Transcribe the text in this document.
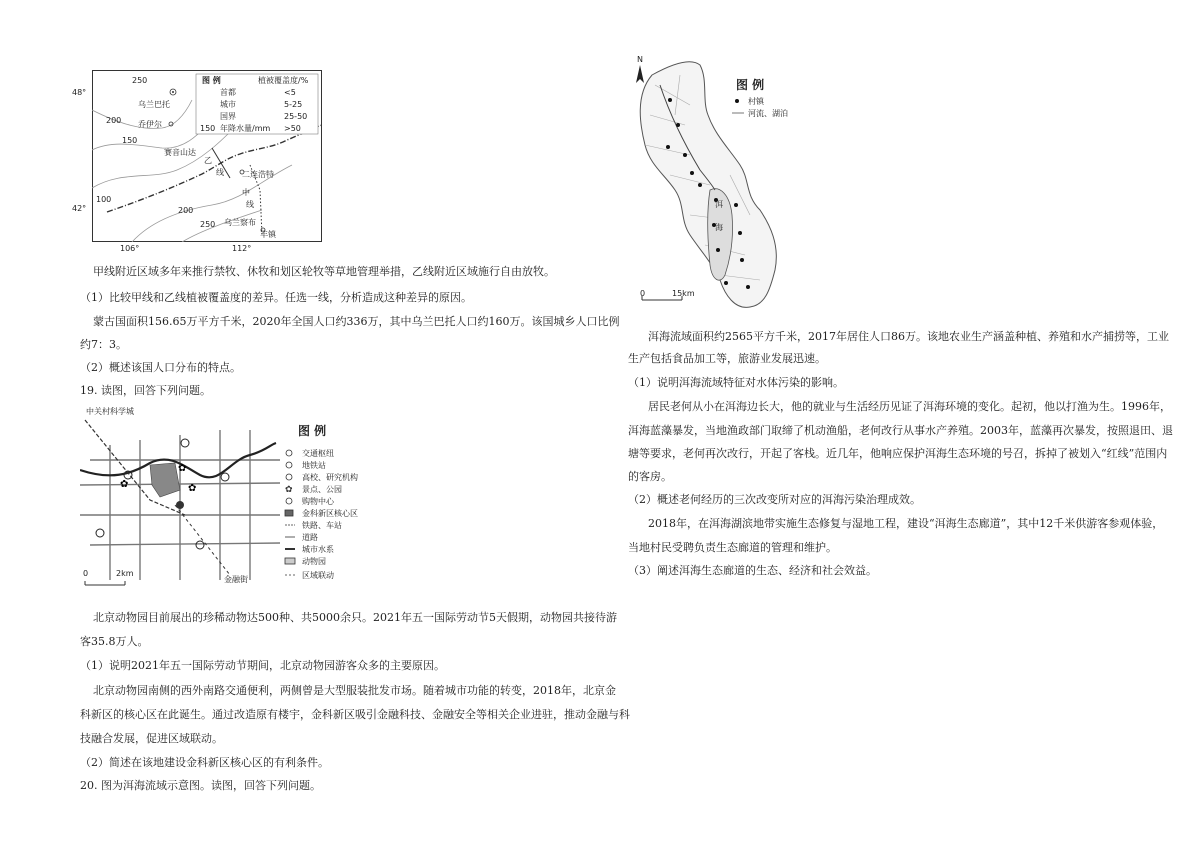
48°
42°
106°	112°
250
200
150
100
200
250
乌兰巴托
乔伊尔
赛音山达
二连浩特
乌兰察布
丰镇
乙
线
中
线
图 例	植被覆盖度/%
首都
城市
国界
150 年降水量/mm
<5
5-25
25-50
>50
甲线附近区域多年来推行禁牧、休牧和划区轮牧等草地管理举措，乙线附近区域施行自由放牧。
（1）比较甲线和乙线植被覆盖度的差异。任选一线，分析造成这种差异的原因。
蒙古国面积156.65万平方千米，2020年全国人口约336万，其中乌兰巴托人口约160万。该国城乡人口比例
约7：3。
（2）概述该国人口分布的特点。
19. 读图，回答下列问题。
✿
✿
✿	✿
中关村科学城
金融街
0	2km
图 例
交通枢纽
地铁站
高校、研究机构
景点、公园
购物中心
金科新区核心区
铁路、车站
道路
城市水系
动物园
区域联动
北京动物园目前展出的珍稀动物达500种、共5000余只。2021年五一国际劳动节5天假期，动物园共接待游
客35.8万人。
（1）说明2021年五一国际劳动节期间，北京动物园游客众多的主要原因。
北京动物园南侧的西外南路交通便利，两侧曾是大型服装批发市场。随着城市功能的转变，2018年，北京金
科新区的核心区在此诞生。通过改造原有楼宇，金科新区吸引金融科技、金融安全等相关企业进驻，推动金融与科
技融合发展，促进区域联动。
（2）简述在该地建设金科新区核心区的有利条件。
20. 图为洱海流域示意图。读图，回答下列问题。
N
图 例
村镇
河流、湖泊
洱
海
0	15km
洱海流域面积约2565平方千米，2017年居住人口86万。该地农业生产涵盖种植、养殖和水产捕捞等，工业
生产包括食品加工等，旅游业发展迅速。
（1）说明洱海流域特征对水体污染的影响。
居民老何从小在洱海边长大，他的就业与生活经历见证了洱海环境的变化。起初，他以打渔为生。1996年，
洱海蓝藻暴发，当地渔政部门取缔了机动渔船，老何改行从事水产养殖。2003年，蓝藻再次暴发，按照退田、退
塘等要求，老何再次改行，开起了客栈。近几年，他响应保护洱海生态环境的号召，拆掉了被划入“红线”范围内
的客房。
（2）概述老何经历的三次改变所对应的洱海污染治理成效。
2018年，在洱海湖滨地带实施生态修复与湿地工程，建设“洱海生态廊道”，其中12千米供游客参观体验，
当地村民受聘负责生态廊道的管理和维护。
（3）阐述洱海生态廊道的生态、经济和社会效益。
